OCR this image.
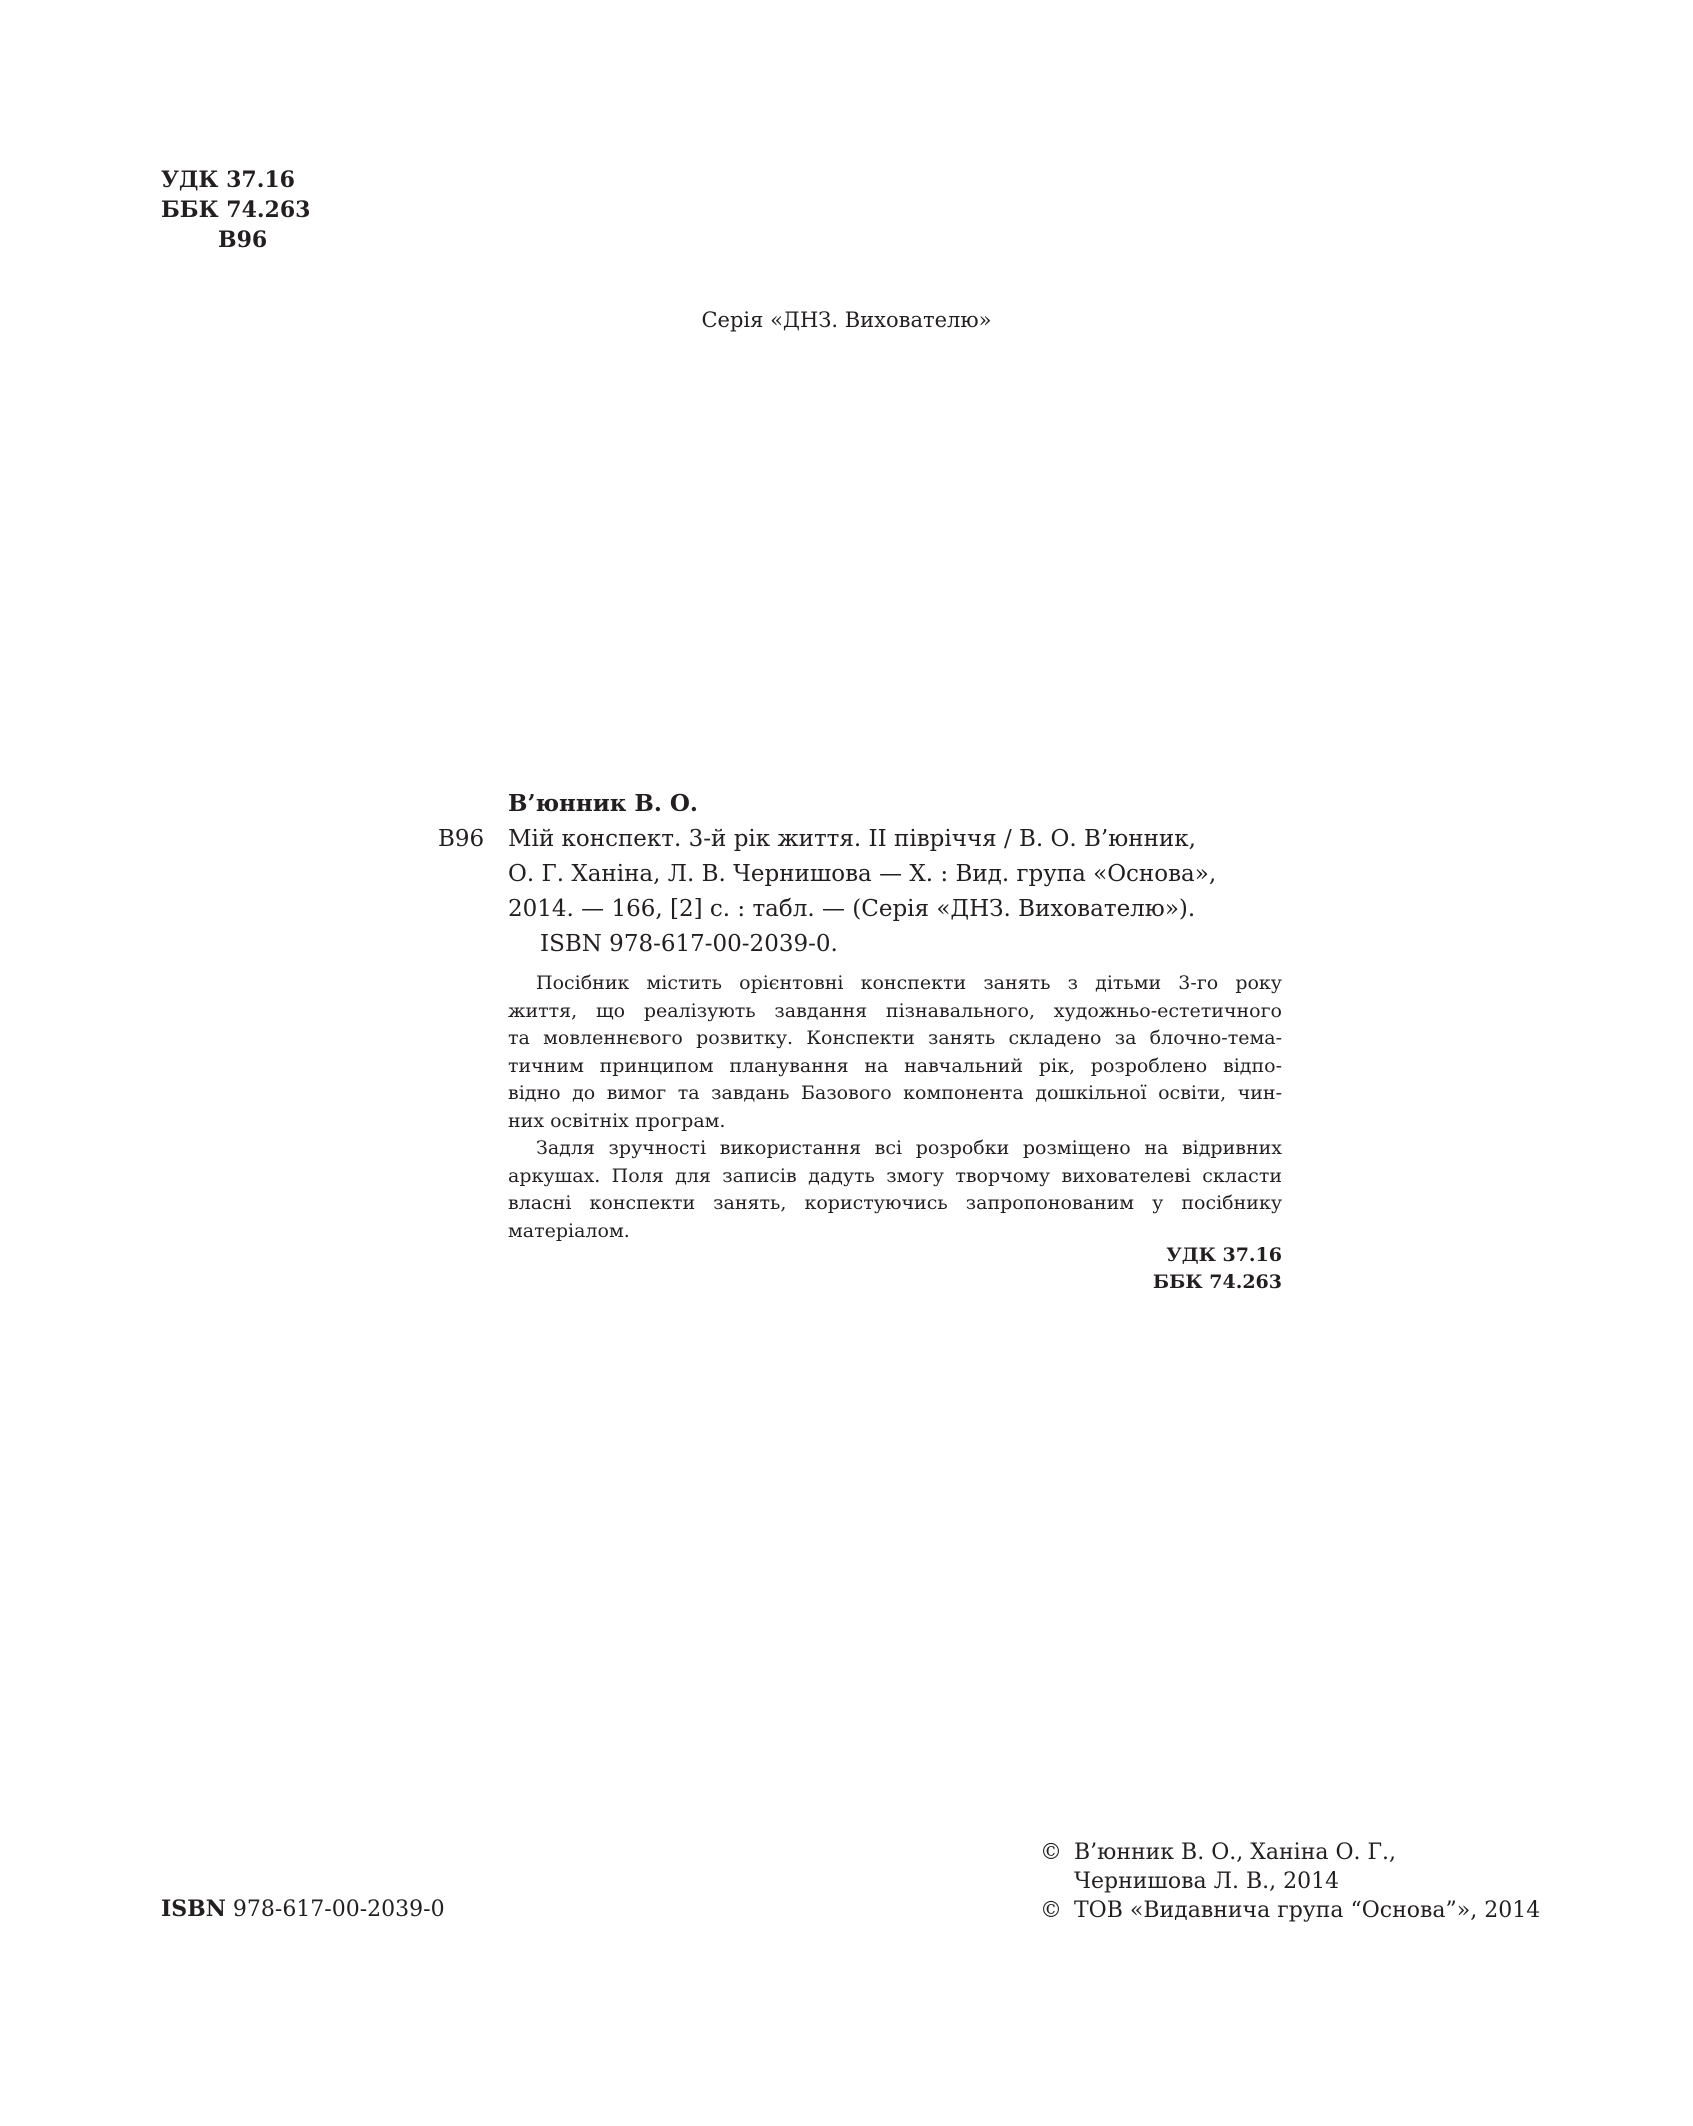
УДК 37.16
ББК 74.263
В96
Серія «ДНЗ. Вихователю»
В’юнник В. О.
В96 Мій конспект. 3-й рік життя. ІІ півріччя / В. О. В’юнник,
О. Г. Ханіна, Л. В. Чернишова — Х. : Вид. група «Основа»,
2014. — 166, [2] с. : табл. — (Серія «ДНЗ. Вихователю»).
ISBN 978-617-00-2039-0.
Посібник містить орієнтовні конспекти занять з дітьми 3-го року
життя, що реалізують завдання пізнавального, художньо-естетичного
та мовленнєвого розвитку. Конспекти занять складено за блочно-тема-
тичним принципом планування на навчальний рік, розроблено відпо-
відно до вимог та завдань Базового компонента дошкільної освіти, чин-
них освітніх програм.
Задля зручності використання всі розробки розміщено на відривних
аркушах. Поля для записів дадуть змогу творчому вихователеві скласти
власні конспекти занять, користуючись запропонованим у посібнику
матеріалом.
УДК 37.16
ББК 74.263
ISBN 978-617-00-2039-0
© В’юнник В. О., Ханіна О. Г.,
Чернишова Л. В., 2014
© ТОВ «Видавнича група “Основа”», 2014
